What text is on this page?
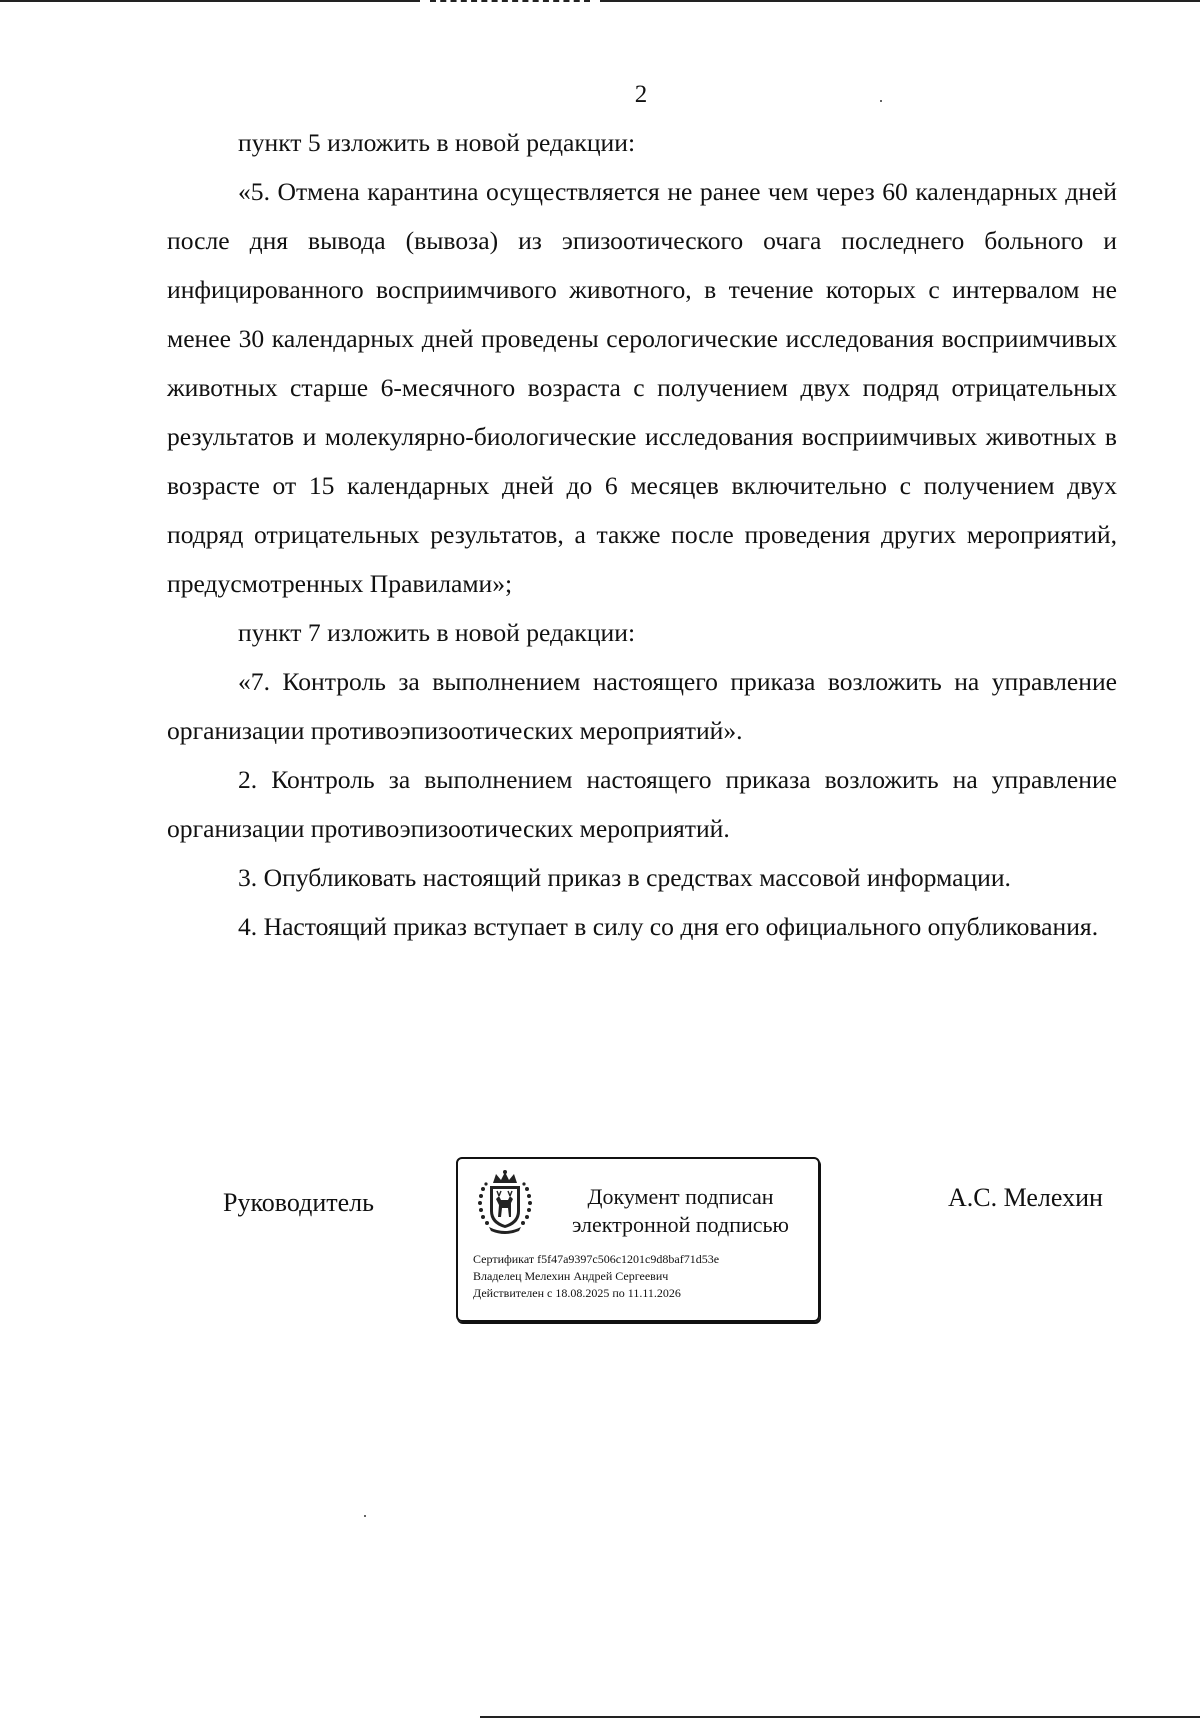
2

пункт 5 изложить в новой редакции:

«5. Отмена карантина осуществляется не ранее чем через 60 календарных дней после дня вывода (вывоза) из эпизоотического очага последнего больного и инфицированного восприимчивого животного, в течение которых с интервалом не менее 30 календарных дней проведены серологические исследования восприимчивых животных старше 6-месячного возраста с получением двух подряд отрицательных результатов и молекулярно-биологические исследования восприимчивых животных в возрасте от 15 календарных дней до 6 месяцев включительно с получением двух подряд отрицательных результатов, а также после проведения других мероприятий, предусмотренных Правилами»;

пункт 7 изложить в новой редакции:

«7. Контроль за выполнением настоящего приказа возложить на управление организации противоэпизоотических мероприятий».

2. Контроль за выполнением настоящего приказа возложить на управление организации противоэпизоотических мероприятий.

3. Опубликовать настоящий приказ в средствах массовой информации.

4. Настоящий приказ вступает в силу со дня его официального опубликования.

Руководитель	Документ подписан
электронной подписью
Сертификат f5f47a9397c506c1201c9d8baf71d53e
Владелец Мелехин Андрей Сергеевич
Действителен с 18.08.2025 по 11.11.2026
А.С. Мелехин
